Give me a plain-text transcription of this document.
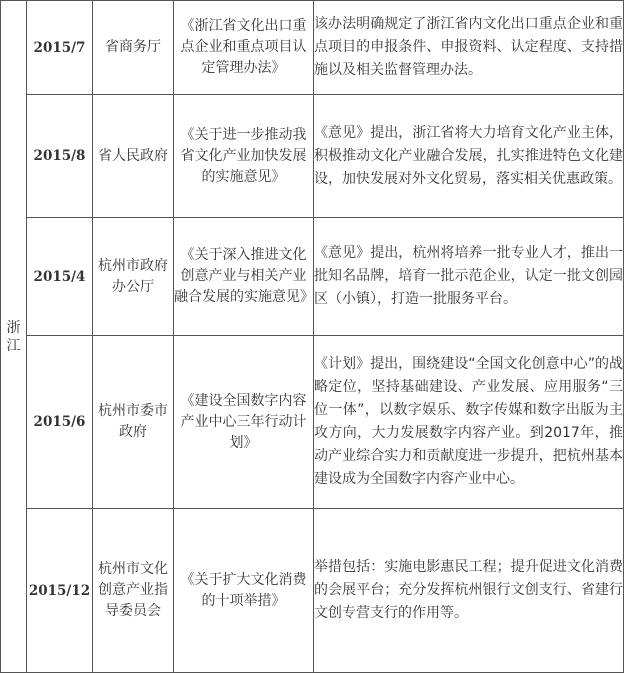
浙江	2015/7	省商务厅	《浙江省文化出口重点企业和重点项目认定管理办法》	该办法明确规定了浙江省内文化出口重点企业和重点项目的申报条件、申报资料、认定程度、支持措施以及相关监督管理办法。
	2015/8	省人民政府	《关于进一步推动我省文化产业加快发展的实施意见》	《意见》提出，浙江省将大力培育文化产业主体，积极推动文化产业融合发展，扎实推进特色文化建设，加快发展对外文化贸易，落实相关优惠政策。
	2015/4	杭州市政府办公厅	《关于深入推进文化创意产业与相关产业融合发展的实施意见》	《意见》提出，杭州将培养一批专业人才，推出一批知名品牌，培育一批示范企业，认定一批文创园区（小镇），打造一批服务平台。
	2015/6	杭州市委市政府	《建设全国数字内容产业中心三年行动计划》	《计划》提出，围绕建设“全国文化创意中心”的战略定位，坚持基础建设、产业发展、应用服务“三位一体”，以数字娱乐、数字传媒和数字出版为主攻方向，大力发展数字内容产业。到2017年，推动产业综合实力和贡献度进一步提升，把杭州基本建设成为全国数字内容产业中心。
	2015/12	杭州市文化创意产业指导委员会	《关于扩大文化消费的十项举措》	举措包括：实施电影惠民工程；提升促进文化消费的会展平台；充分发挥杭州银行文创支行、省建行文创专营支行的作用等。
